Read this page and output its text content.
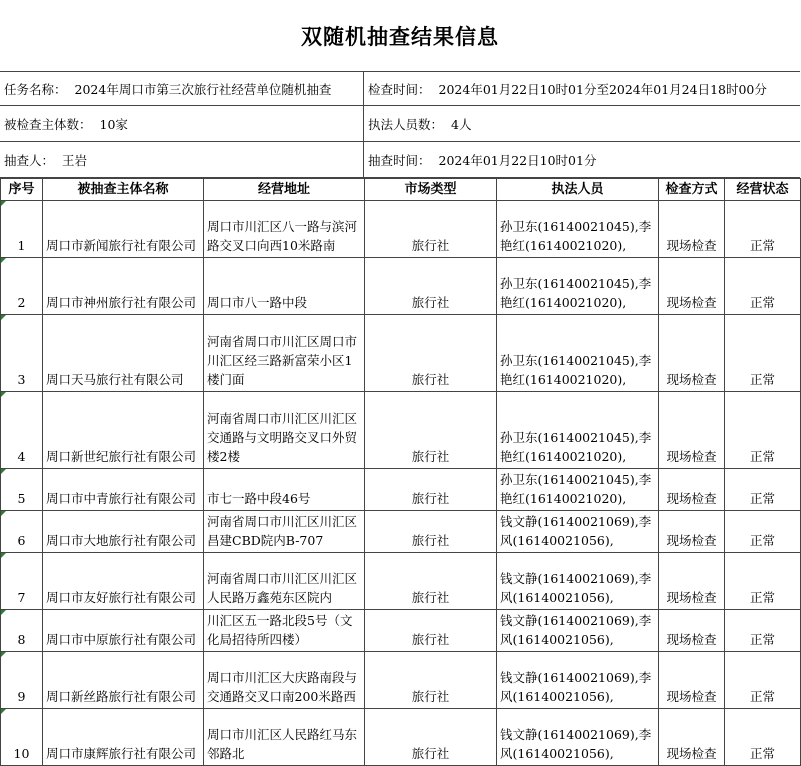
双随机抽查结果信息
任务名称： 2024年周口市第三次旅行社经营单位随机抽查	检查时间： 2024年01月22日10时01分至2024年01月24日18时00分
被检查主体数： 10家	执法人员数： 4人
抽查人： 王岩	抽查时间： 2024年01月22日10时01分
序号	被抽查主体名称	经营地址	市场类型	执法人员	检查方式	经营状态
1	周口市新闻旅行社有限公司	周口市川汇区八一路与滨河路交叉口向西10米路南	旅行社	孙卫东(16140021045),李艳红(16140021020),	现场检查	正常
2	周口市神州旅行社有限公司	周口市八一路中段	旅行社	孙卫东(16140021045),李艳红(16140021020),	现场检查	正常
3	周口天马旅行社有限公司	河南省周口市川汇区周口市川汇区经三路新富荣小区1楼门面	旅行社	孙卫东(16140021045),李艳红(16140021020),	现场检查	正常
4	周口新世纪旅行社有限公司	河南省周口市川汇区川汇区交通路与文明路交叉口外贸楼2楼	旅行社	孙卫东(16140021045),李艳红(16140021020),	现场检查	正常
5	周口市中青旅行社有限公司	市七一路中段46号	旅行社	孙卫东(16140021045),李艳红(16140021020),	现场检查	正常
6	周口市大地旅行社有限公司	河南省周口市川汇区川汇区昌建CBD院内B-707	旅行社	钱文静(16140021069),李风(16140021056),	现场检查	正常
7	周口市友好旅行社有限公司	河南省周口市川汇区川汇区人民路万鑫苑东区院内	旅行社	钱文静(16140021069),李风(16140021056),	现场检查	正常
8	周口市中原旅行社有限公司	川汇区五一路北段5号（文化局招待所四楼）	旅行社	钱文静(16140021069),李风(16140021056),	现场检查	正常
9	周口新丝路旅行社有限公司	周口市川汇区大庆路南段与交通路交叉口南200米路西	旅行社	钱文静(16140021069),李风(16140021056),	现场检查	正常
10	周口市康辉旅行社有限公司	周口市川汇区人民路红马东邻路北	旅行社	钱文静(16140021069),李风(16140021056),	现场检查	正常
